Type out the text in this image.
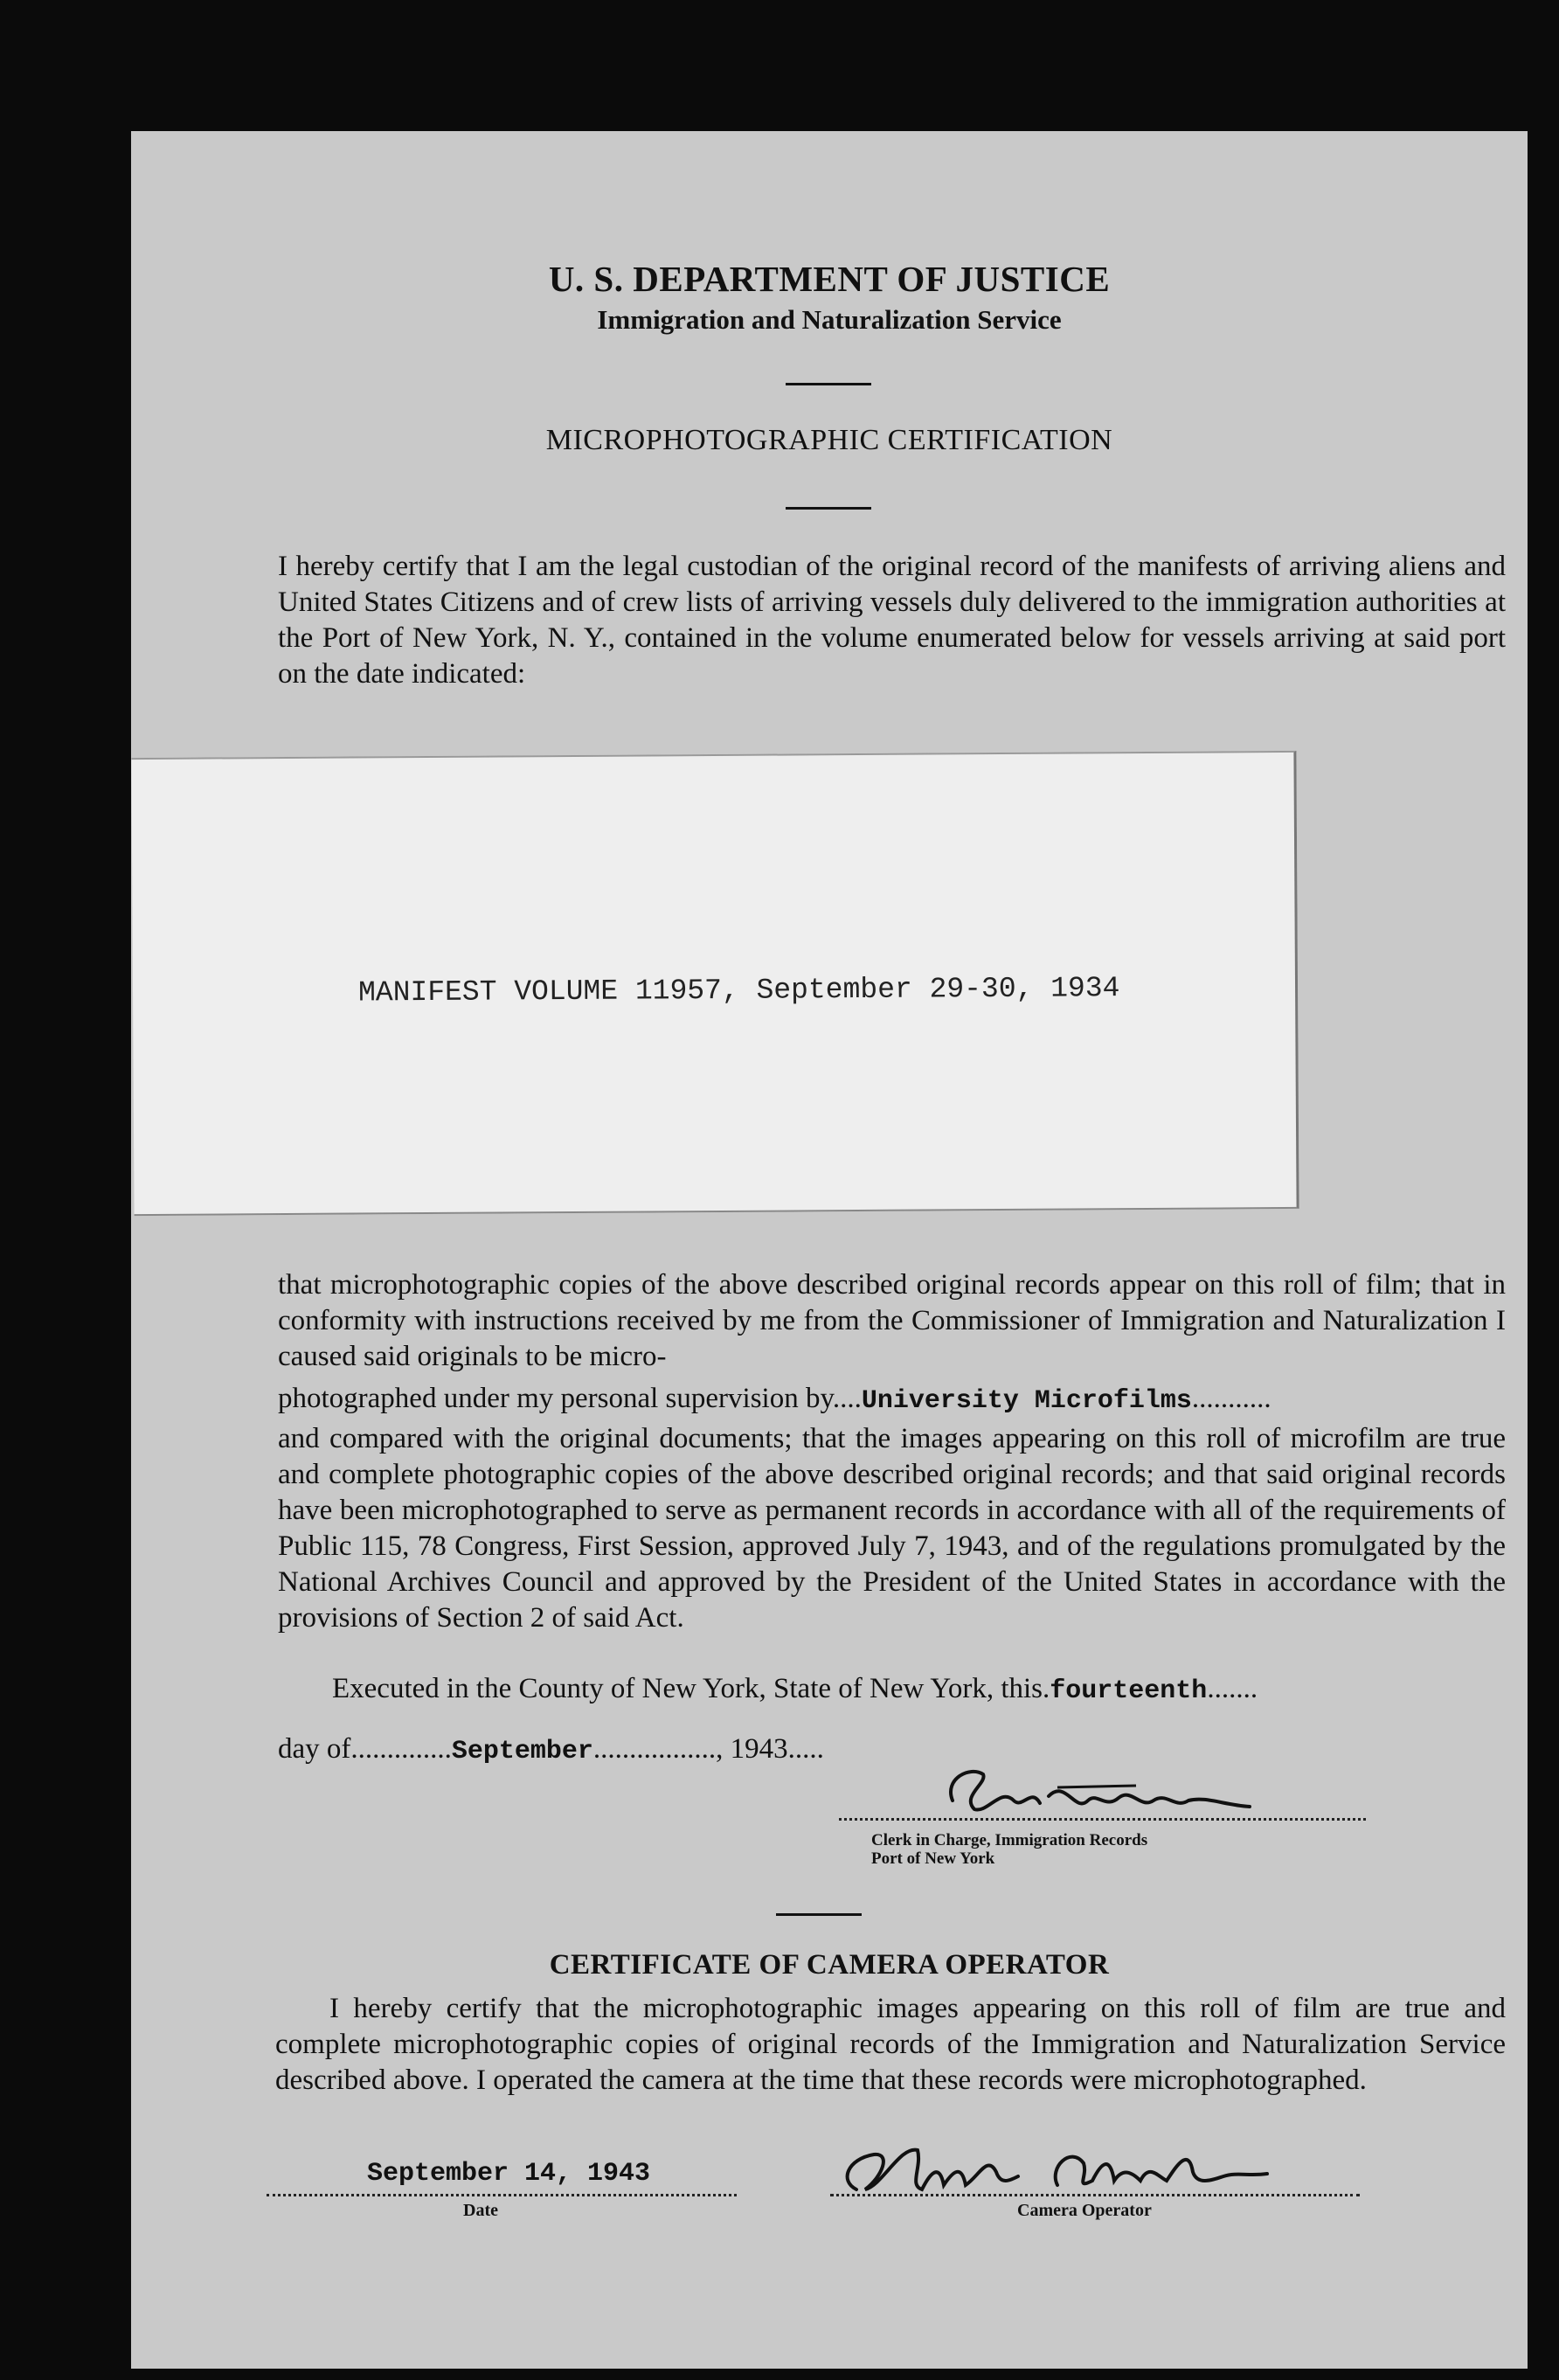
U. S. DEPARTMENT OF JUSTICE
Immigration and Naturalization Service
MICROPHOTOGRAPHIC CERTIFICATION
I hereby certify that I am the legal custodian of the original record of the manifests of arriving aliens and United States Citizens and of crew lists of arriving vessels duly delivered to the immigration authorities at the Port of New York, N. Y., contained in the volume enumerated below for vessels arriving at said port on the date indicated:
MANIFEST VOLUME 11957, September 29-30, 1934
that microphotographic copies of the above described original records appear on this roll of film; that in conformity with instructions received by me from the Commissioner of Immigration and Naturalization I caused said originals to be micro-
photographed under my personal supervision by....University Microfilms...........
and compared with the original documents; that the images appearing on this roll of microfilm are true and complete photographic copies of the above described original records; and that said original records have been microphotographed to serve as permanent records in accordance with all of the requirements of Public 115, 78 Congress, First Session, approved July 7, 1943, and of the regulations promulgated by the National Archives Council and approved by the President of the United States in accordance with the provisions of Section 2 of said Act.
Executed in the County of New York, State of New York, this.fourteenth.......
day of..............September................., 1943.....
Clerk in Charge, Immigration Records
Port of New York
CERTIFICATE OF CAMERA OPERATOR
I hereby certify that the microphotographic images appearing on this roll of film are true and complete microphotographic copies of original records of the Immigration and Naturalization Service described above. I operated the camera at the time that these records were microphotographed.
September 14, 1943
Date	Camera Operator
